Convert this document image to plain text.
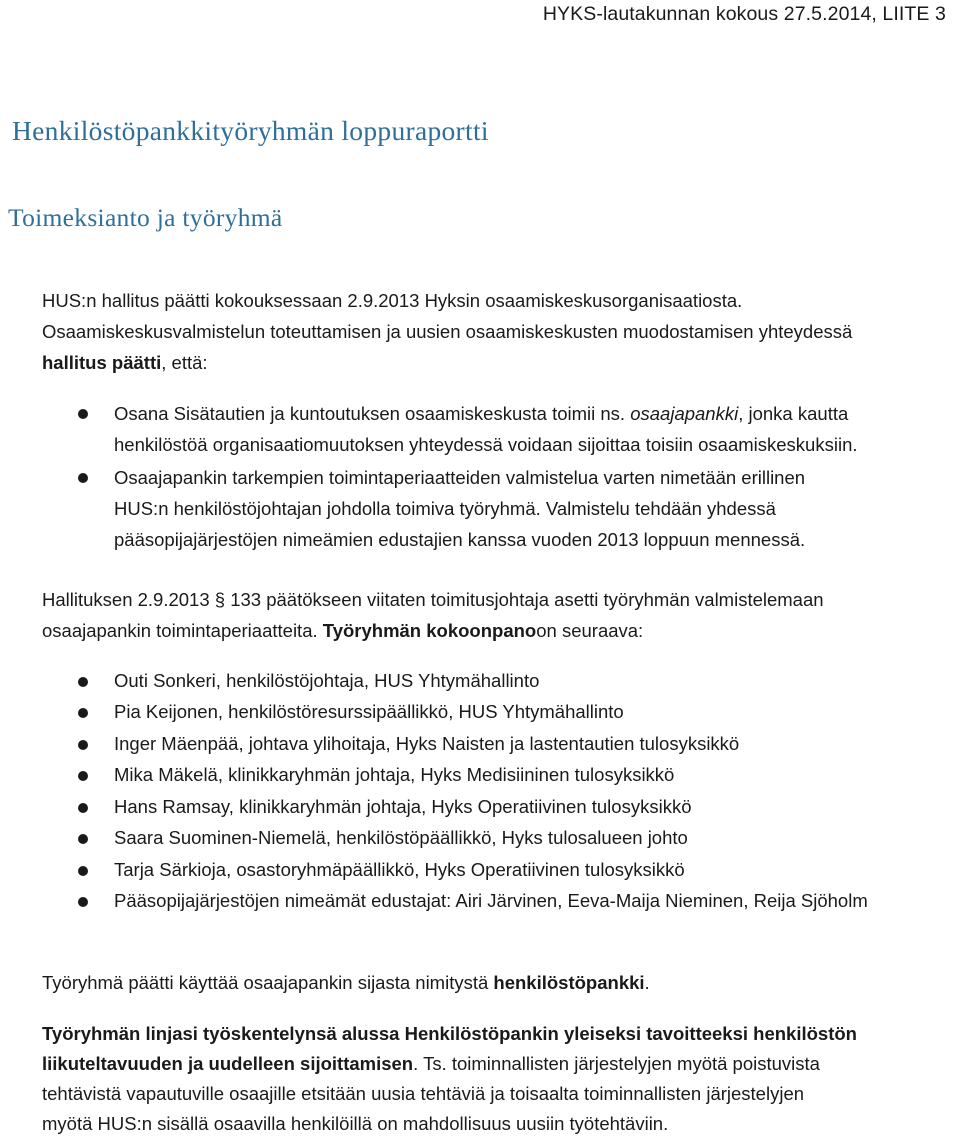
HYKS-lautakunnan kokous 27.5.2014, LIITE 3
Henkilöstöpankkityöryhmän loppuraportti
Toimeksianto ja työryhmä
HUS:n hallitus päätti kokouksessaan 2.9.2013 Hyksin osaamiskeskusorganisaatiosta.
Osaamiskeskusvalmistelun toteuttamisen ja uusien osaamiskeskusten muodostamisen yhteydessä
hallitus päätti, että:
Osana Sisätautien ja kuntoutuksen osaamiskeskusta toimii ns. osaajapankki, jonka kautta
henkilöstöä organisaatiomuutoksen yhteydessä voidaan sijoittaa toisiin osaamiskeskuksiin.
Osaajapankin tarkempien toimintaperiaatteiden valmistelua varten nimetään erillinen
HUS:n henkilöstöjohtajan johdolla toimiva työryhmä. Valmistelu tehdään yhdessä
pääsopijajärjestöjen nimeämien edustajien kanssa vuoden 2013 loppuun mennessä.
Hallituksen 2.9.2013 § 133 päätökseen viitaten toimitusjohtaja asetti työryhmän valmistelemaan
osaajapankin toimintaperiaatteita. Työryhmän kokoonpanoon seuraava:
Outi Sonkeri, henkilöstöjohtaja, HUS Yhtymähallinto
Pia Keijonen, henkilöstöresurssipäällikkö, HUS Yhtymähallinto
Inger Mäenpää, johtava ylihoitaja, Hyks Naisten ja lastentautien tulosyksikkö
Mika Mäkelä, klinikkaryhmän johtaja, Hyks Medisiininen tulosyksikkö
Hans Ramsay, klinikkaryhmän johtaja, Hyks Operatiivinen tulosyksikkö
Saara Suominen-Niemelä, henkilöstöpäällikkö, Hyks tulosalueen johto
Tarja Särkioja, osastoryhmäpäällikkö, Hyks Operatiivinen tulosyksikkö
Pääsopijajärjestöjen nimeämät edustajat: Airi Järvinen, Eeva-Maija Nieminen, Reija Sjöholm
Työryhmä päätti käyttää osaajapankin sijasta nimitystä henkilöstöpankki.
Työryhmän linjasi työskentelynsä alussa Henkilöstöpankin yleiseksi tavoitteeksi henkilöstön
liikuteltavuuden ja uudelleen sijoittamisen. Ts. toiminnallisten järjestelyjen myötä poistuvista
tehtävistä vapautuville osaajille etsitään uusia tehtäviä ja toisaalta toiminnallisten järjestelyjen
myötä HUS:n sisällä osaavilla henkilöillä on mahdollisuus uusiin työtehtäviin.
